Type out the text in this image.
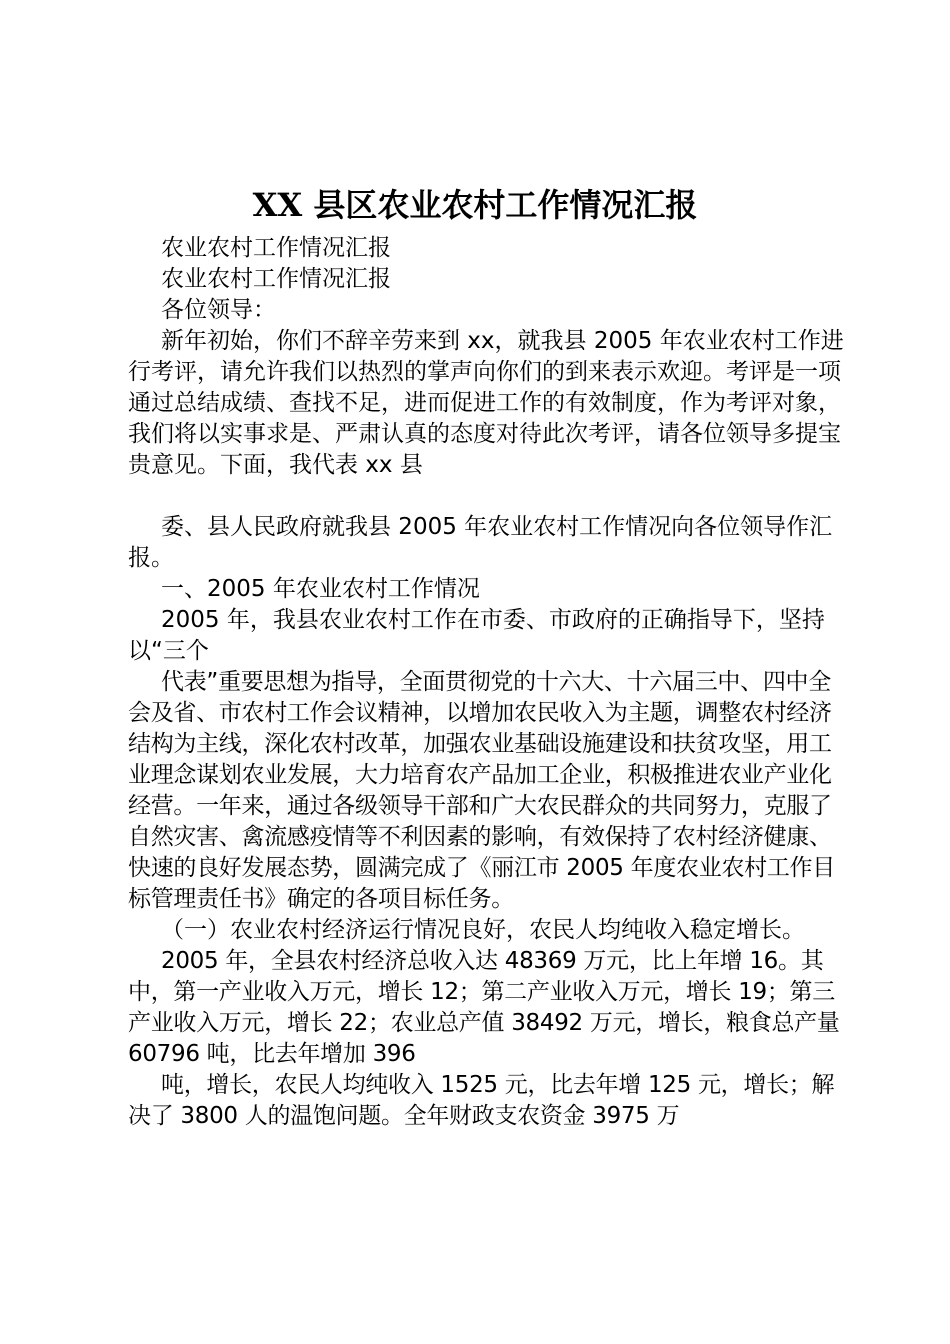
XX 县区农业农村工作情况汇报

农业农村工作情况汇报

农业农村工作情况汇报

各位领导：

新年初始，你们不辞辛劳来到 xx，就我县 2005 年农业农村工作进行考评，请允许我们以热烈的掌声向你们的到来表示欢迎。考评是一项通过总结成绩、查找不足，进而促进工作的有效制度，作为考评对象，我们将以实事求是、严肃认真的态度对待此次考评，请各位领导多提宝贵意见。下面，我代表 xx 县

委、县人民政府就我县 2005 年农业农村工作情况向各位领导作汇报。

一、2005 年农业农村工作情况

2005 年，我县农业农村工作在市委、市政府的正确指导下，坚持以“三个

代表”重要思想为指导，全面贯彻党的十六大、十六届三中、四中全会及省、市农村工作会议精神，以增加农民收入为主题，调整农村经济结构为主线，深化农村改革，加强农业基础设施建设和扶贫攻坚，用工业理念谋划农业发展，大力培育农产品加工企业，积极推进农业产业化经营。一年来，通过各级领导干部和广大农民群众的共同努力，克服了自然灾害、禽流感疫情等不利因素的影响，有效保持了农村经济健康、快速的良好发展态势，圆满完成了《丽江市 2005 年度农业农村工作目标管理责任书》确定的各项目标任务。

（一）农业农村经济运行情况良好，农民人均纯收入稳定增长。

2005 年，全县农村经济总收入达 48369 万元，比上年增 16。其中，第一产业收入万元，增长 12；第二产业收入万元，增长 19；第三产业收入万元，增长 22；农业总产值 38492 万元，增长，粮食总产量 60796 吨，比去年增加 396

吨，增长，农民人均纯收入 1525 元，比去年增 125 元，增长；解决了 3800 人的温饱问题。全年财政支农资金 3975 万
